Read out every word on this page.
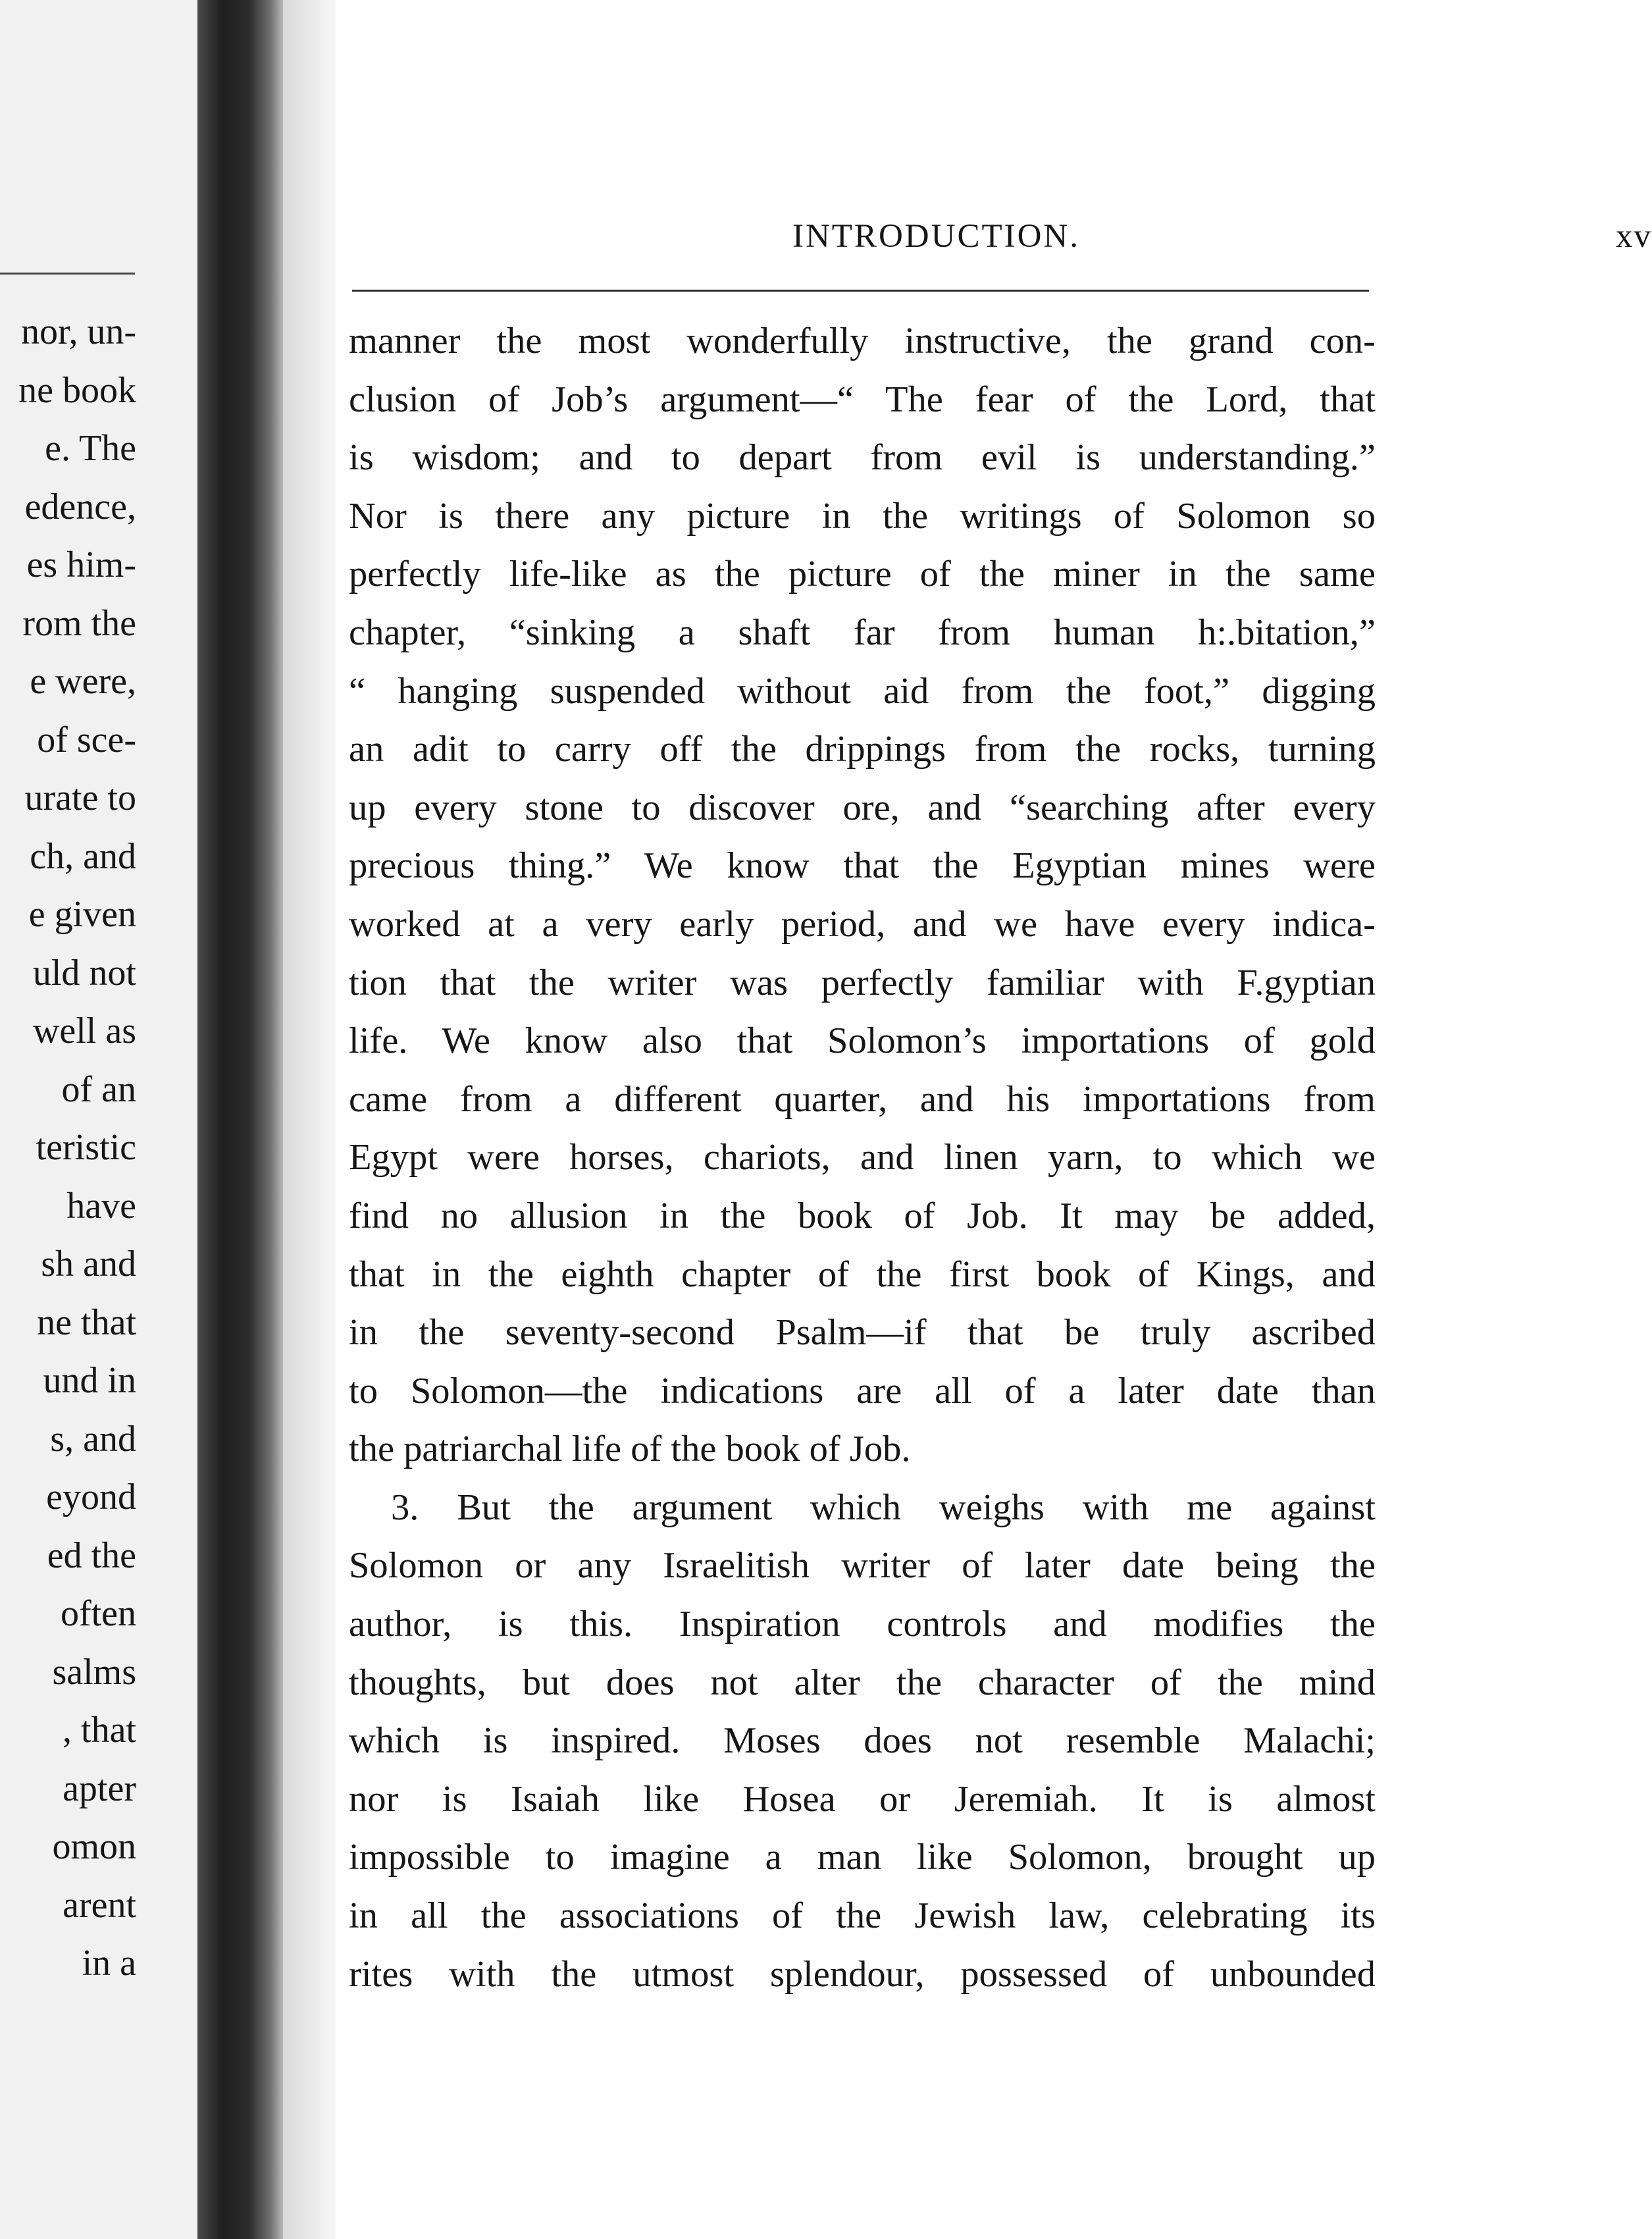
nor, un-
ne book
e. The
edence,
es him-
rom the
e were,
of sce-
urate to
ch, and
e given
uld not
well as
of an
teristic
have
sh and
ne that
und in
s, and
eyond
ed the
often
salms
, that
apter
omon
arent
in a
INTRODUCTION.	xv
manner the most wonderfully instructive, the grand con-
clusion of Job’s argument—“ The fear of the Lord, that
is wisdom; and to depart from evil is understanding.”
Nor is there any picture in the writings of Solomon so
perfectly life-like as the picture of the miner in the same
chapter, “sinking a shaft far from human h:.bitation,”
“ hanging suspended without aid from the foot,” digging
an adit to carry off the drippings from the rocks, turning
up every stone to discover ore, and “searching after every
precious thing.” We know that the Egyptian mines were
worked at a very early period, and we have every indica-
tion that the writer was perfectly familiar with F.gyptian
life. We know also that Solomon’s importations of gold
came from a different quarter, and his importations from
Egypt were horses, chariots, and linen yarn, to which we
find no allusion in the book of Job. It may be added,
that in the eighth chapter of the first book of Kings, and
in the seventy-second Psalm—if that be truly ascribed
to Solomon—the indications are all of a later date than
the patriarchal life of the book of Job.
3. But the argument which weighs with me against
Solomon or any Israelitish writer of later date being the
author, is this. Inspiration controls and modifies the
thoughts, but does not alter the character of the mind
which is inspired. Moses does not resemble Malachi;
nor is Isaiah like Hosea or Jeremiah. It is almost
impossible to imagine a man like Solomon, brought up
in all the associations of the Jewish law, celebrating its
rites with the utmost splendour, possessed of unbounded
